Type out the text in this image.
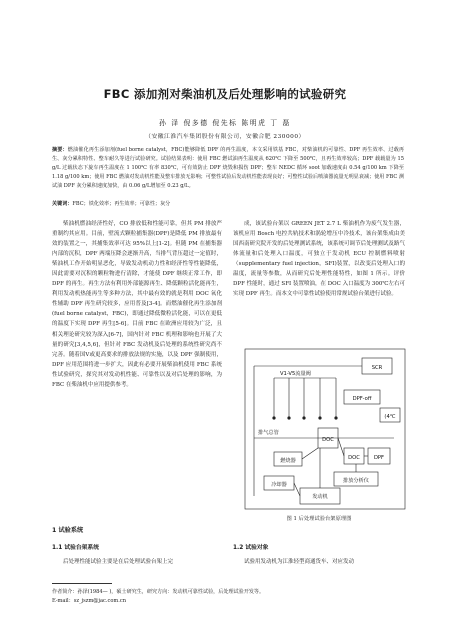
FBC 添加剂对柴油机及后处理影响的试验研究
孙 泽 倪多德 倪先标 陈明虎 丁 磊
（安徽江淮汽车集团股份有限公司，安徽合肥 230000）
摘要：燃油催化再生添加剂(fuel borne catalyst，FBC)能够降低 DPF 的再生温度，本文采用铁基 FBC，对柴油机的可靠性、DPF 再生效率、过载再生、灰分累积特性、整车耐久等进行试验研究。试验结果表明：使用 FBC 燃试油再生温度从 620℃ 下降至 500℃，且再生效率较高；DPF 载载量为 15 g/L 过载状态下旋车再生温度在 1 100℃ 有率 830℃，可有效防止 DPF 烧毁和损伤 DPF；整车 NEDC 循环 soot 加载速度由 0.54 g/100 km 下降至 1.18 g/100 km；使用 FBC 燃油对发动机性能及整车排放无影响；可整性试验后发动机性能表现良好；可整性试验后喷油器流量无明显衰减；使用 FBC 测试油 DPF 灰分累积速度加快，由 0.06 g/L增加至 0.23 g/L。
关键词：FBC；铁化效率；再生效率；可靠性；灰分
柴油机燃油经济性好，CO 排放低和性能可靠，但其 PM 排放严重制约其应用。目前，壁流式颗粒捕集器(DPF)是降低 PM 排放最有效的装置之一，其捕集效率可达 95%以上[1-2]。但随 PM 在捕集器内部的沉积，DPF 两端压降会逐渐升高，当排气背压超过一定值时，柴油机工作开始明显恶化，导致发动机动力性和经济性等性能降低，因此需要对沉积的颗粒物进行清除，才能使 DPF 继续正常工作，即 DPF 的再生。再生方法有利用外部能源再生、降低颗粒活化能再生，利用发动机热能再生等多种方法，其中最有效的就是利用 DOC 氧化性辅助 DPF 再生研究较多，应用普及[3-4]。而燃油催化再生添加剂(fuel borne catalyst，FBC)，即通过降低微粒活化能，可以在更低的温度下实现 DPF 再生[5-6]。目前 FBC 在欧洲应用较为广泛，且相关理论研究较为深入[6-7]，国内针对 FBC 机理和影响也开展了大量的研究[3,4,5,6]，但针对 FBC 发动机及后处理的系统性研究尚不完善。随着国Ⅴ或更高要求的排放法规的实施，以及 DPF 强制使用，DPF 应用范围将进一步扩大，因此有必要开展柴油机使用 FBC 系统性试验研究，探究其对发动机性能、可靠性以及对后处理的影响，为 FBC 在柴油机中应用提供参考。
1 试验系统
1.1 试验台架系统
后处理性能试验主要是在后处理试验台架上完
成，该试验台架以 GREEN JET 2.7 L 柴油机作为废气发生器，该机应用 Bosch 电控共轨技术和涡轮增压中冷技术，该台架集成由美国西南研究院开发的后处理测试系统，该系统可调节后处理测试及路气体流量和后处理入口温度，可独立于发动机 ECU 控制燃料喷射（supplementary fuel injection，SFI)装置，以改变后处理入口的温度，流量等参数，从而研究后处理性能特性，如图 1 所示。评价 DPF 性能时，通过 SFI 装置喷油，在 DOC 入口温度为 300℃左右可实现 DPF 再生。而本文中可靠性试验使用常规试验台架进行试验。
SCR
V1-V5流量阀
DPF-off
(4℃
DOC
DOC	DPF
燃烧器
冷却器
排放分析仪
发动机
排气总管
图 1 后处理试验台架原理图
1.2 试验对象
试验用发动机为江淮轻型商通货车、对应发动
作者简介：孙泽(1984— )，硕士研究生，研究方向：发动机可靠性试验，后处理试验开发等。
E-mail：sz_jszm@jac.com.cn
